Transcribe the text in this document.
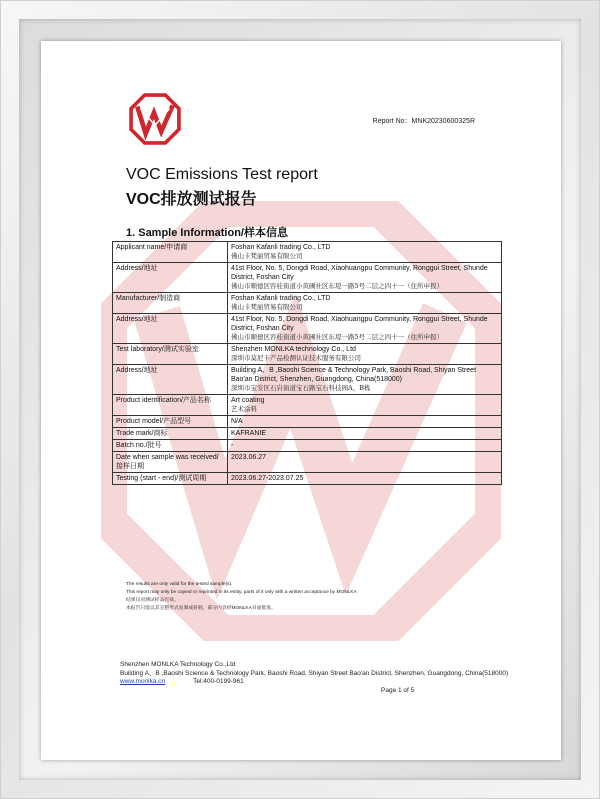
Report No：MNK20230600325R
VOC Emissions Test report
VOC排放测试报告
1. Sample Information/样本信息
Applicant name/申请商	Foshan Kafanli trading Co., LTD
佛山卡梵丽贸易有限公司

Address/地址	41st Floor, No. 5, Dongdi Road, Xiaohuangpu Community, Ronggui Street, Shunde District, Foshan City
佛山市顺德区容桂街道小黄圃社区东堤一路5号二层之四十一（住所申报）

Manufacturer/制造商	Foshan Kafanli trading Co., LTD
佛山卡梵丽贸易有限公司

Address/地址	41st Floor, No. 5, Dongdi Road, Xiaohuangpu Community, Ronggui Street, Shunde District, Foshan City
佛山市顺德区容桂街道小黄圃社区东堤一路5号二层之四十一（住所申报）

Test laboratory/测试实验室	Shenzhen MONLKA technology Co., Ltd
深圳市莫尼卡产品检测认证技术服务有限公司

Address/地址	Building A、B ,Baoshi Science & Technology Park, Baoshi Road, Shiyan Street Bao'an District, Shenzhen, Guangdong, China(518000)
深圳市宝安区石岩街道宝石路宝石科技园A、B栋

Product identification/产品名称	Art coating
艺术涂料

Product model/产品型号	N/A

Trade mark/商标	KAFRANIE

Batch no./批号	-

Date when sample was received/接样日期	2023.06.27

Testing (start - end)/测试周期	2023.06.27-2023.07.25
The results are only valid for the tested sample(s).
This report may only be copied or reprinted in its entity, parts of it only with a written acceptance by MONLKA
结果仅对测试样品有效。
本报告只能以其完整形式复制或转载，部分内容经MONLKA书面批准。
Shenzhen MONLKA Technology Co.,Ltd
Building A、B ,Baoshi Science & Technology Park, Baoshi Road, Shiyan Street Bao'an District, Shenzhen, Guangdong, China(518000)
www.monlka.cn	Tel:400-0199-961
Page 1 of 5
